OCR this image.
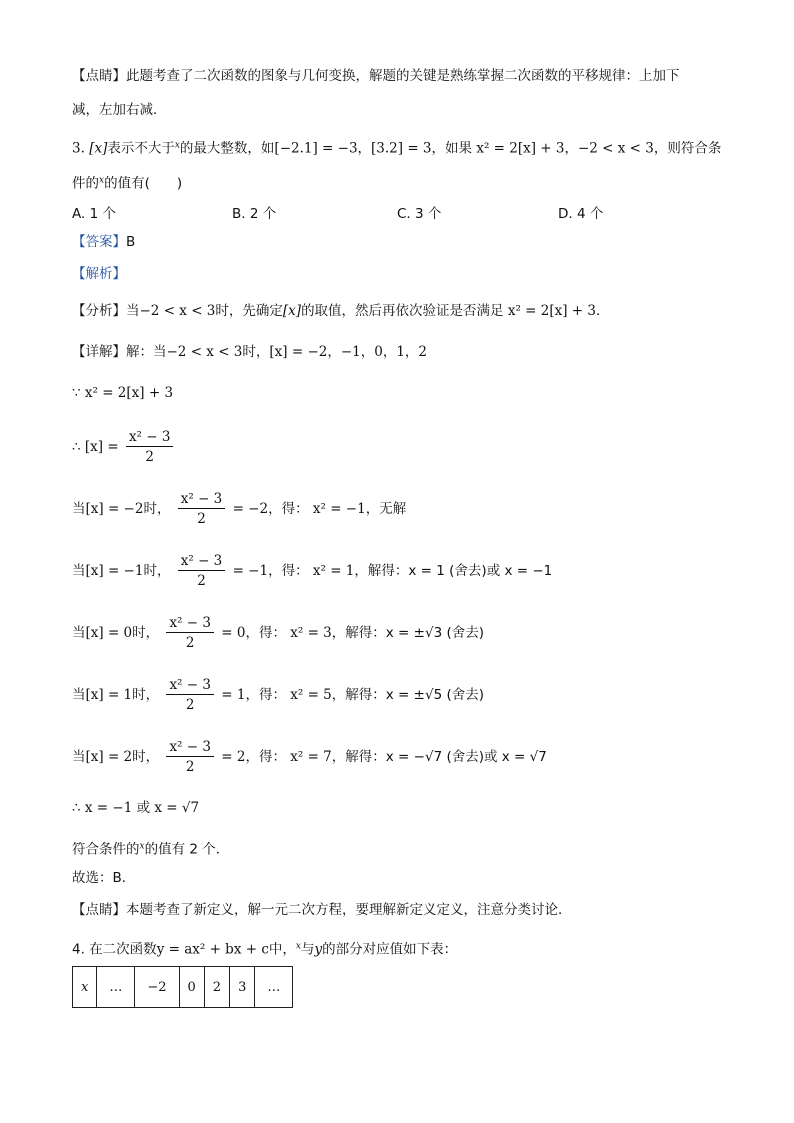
【点睛】此题考查了二次函数的图象与几何变换，解题的关键是熟练掌握二次函数的平移规律：上加下
减，左加右减．
3. [x]表示不大于$^x$的最大整数，如[−2.1] = −3，[3.2] = 3，如果 x² = 2[x] + 3，−2 < x < 3，则符合条
件的$^x$的值有(　　)
A. 1 个	B. 2 个	C. 3 个	D. 4 个
【答案】B
【解析】
【分析】当−2 < x < 3时，先确定[x]的取值，然后再依次验证是否满足 x² = 2[x] + 3．
【详解】解：当−2 < x < 3时，[x] = −2，−1，0，1，2
∵ x² = 2[x] + 3
∴ $[x] = \frac{\text{x² − 3}}{2}$
当[x] = −2时， $\frac{\text{x² − 3}}{2} = -2$，得： x² = −1，无解
当[x] = −1时， $\frac{\text{x² − 3}}{2} = -1$，得： x² = 1，解得：x = 1 (舍去)或 x = −1
当[x] = 0时， $\frac{\text{x² − 3}}{2} = 0$，得： x² = 3，解得：x = ±√3 (舍去)
当[x] = 1时， $\frac{\text{x² − 3}}{2} = 1$，得： x² = 5，解得：x = ±√5 (舍去)
当[x] = 2时， $\frac{\text{x² − 3}}{2} = 2$，得： x² = 7，解得：x = −√7 (舍去)或 x = √7
∴ x = −1 或 x = √7
符合条件的$^x$的值有 2 个．
故选：B．
【点睛】本题考查了新定义，解一元二次方程，要理解新定义定义，注意分类讨论．
4. 在二次函数y = ax² + bx + c中，$^x$与y的部分对应值如下表：
x	…	−2	0	2	3	…
